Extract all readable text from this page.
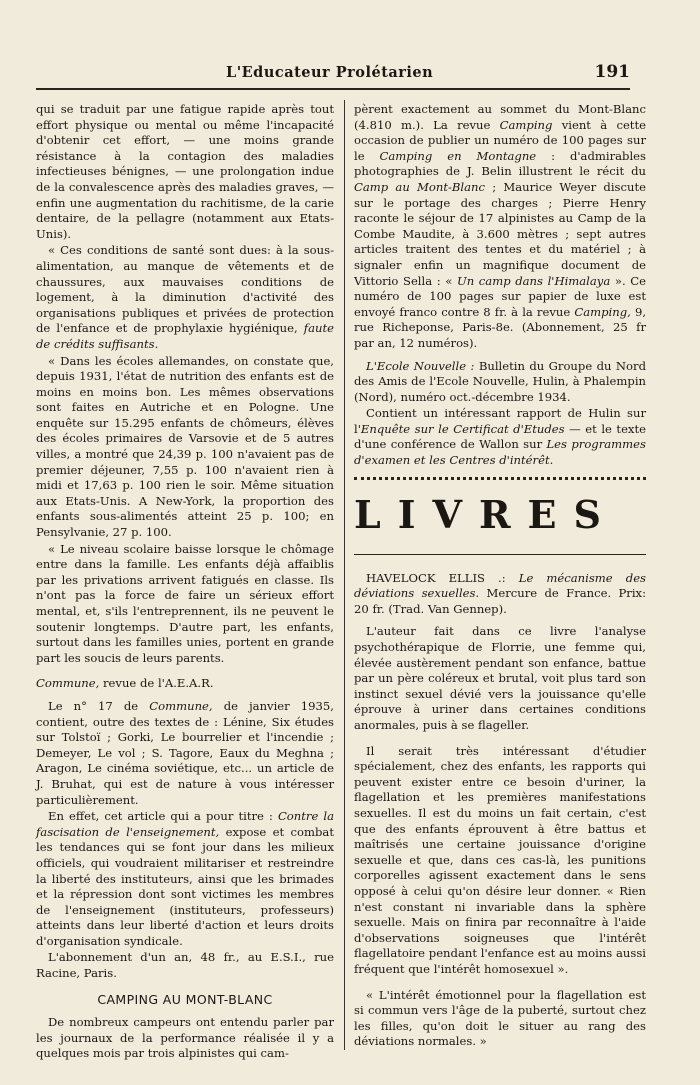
L'Educateur Prolétarien	191

qui se traduit par une fatigue rapide après tout effort physique ou mental ou même l'incapacité d'obtenir cet effort, — une moins grande résistance à la contagion des maladies infectieuses bénignes, — une prolongation indue de la convalescence après des maladies graves, — enfin une augmentation du rachitisme, de la carie dentaire, de la pellagre (notamment aux Etats-Unis).

« Ces conditions de santé sont dues: à la sous-alimentation, au manque de vêtements et de chaussures, aux mauvaises conditions de logement, à la diminution d'activité des organisations publiques et privées de protection de l'enfance et de prophylaxie hygiénique, faute de crédits suffisants.

« Dans les écoles allemandes, on constate que, depuis 1931, l'état de nutrition des enfants est de moins en moins bon. Les mêmes observations sont faites en Autriche et en Pologne. Une enquête sur 15.295 enfants de chômeurs, élèves des écoles primaires de Varsovie et de 5 autres villes, a montré que 24,39 p. 100 n'avaient pas de premier déjeuner, 7,55 p. 100 n'avaient rien à midi et 17,63 p. 100 rien le soir. Même situation aux Etats-Unis. A New-York, la proportion des enfants sous-alimentés atteint 25 p. 100; en Pensylvanie, 27 p. 100.

« Le niveau scolaire baisse lorsque le chômage entre dans la famille. Les enfants déjà affaiblis par les privations arrivent fatigués en classe. Ils n'ont pas la force de faire un sérieux effort mental, et, s'ils l'entreprennent, ils ne peuvent le soutenir longtemps. D'autre part, les enfants, surtout dans les familles unies, portent en grande part les soucis de leurs parents.

Commune, revue de l'A.E.A.R.

Le n° 17 de Commune, de janvier 1935, contient, outre des textes de : Lénine, Six études sur Tolstoï ; Gorki, Le bourrelier et l'incendie ; Demeyer, Le vol ; S. Tagore, Eaux du Meghna ; Aragon, Le cinéma soviétique, etc... un article de J. Bruhat, qui est de nature à vous intéresser particulièrement.

En effet, cet article qui a pour titre : Contre la fascisation de l'enseignement, expose et combat les tendances qui se font jour dans les milieux officiels, qui voudraient militariser et restreindre la liberté des instituteurs, ainsi que les brimades et la répression dont sont victimes les membres de l'enseignement (instituteurs, professeurs) atteints dans leur liberté d'action et leurs droits d'organisation syndicale.

L'abonnement d'un an, 48 fr., au E.S.I., rue Racine, Paris.

CAMPING AU MONT-BLANC

De nombreux campeurs ont entendu parler par les journaux de la performance réalisée il y a quelques mois par trois alpinistes qui cam-

pèrent exactement au sommet du Mont-Blanc (4.810 m.). La revue Camping vient à cette occasion de publier un numéro de 100 pages sur le Camping en Montagne : d'admirables photographies de J. Belin illustrent le récit du Camp au Mont-Blanc ; Maurice Weyer discute sur le portage des charges ; Pierre Henry raconte le séjour de 17 alpinistes au Camp de la Combe Maudite, à 3.600 mètres ; sept autres articles traitent des tentes et du matériel ; à signaler enfin un magnifique document de Vittorio Sella : « Un camp dans l'Himalaya ». Ce numéro de 100 pages sur papier de luxe est envoyé franco contre 8 fr. à la revue Camping, 9, rue Richeponse, Paris-8e. (Abonnement, 25 fr par an, 12 numéros).

L'Ecole Nouvelle : Bulletin du Groupe du Nord des Amis de l'Ecole Nouvelle, Hulin, à Phalempin (Nord), numéro oct.-décembre 1934.

Contient un intéressant rapport de Hulin sur l'Enquête sur le Certificat d'Etudes — et le texte d'une conférence de Wallon sur Les programmes d'examen et les Centres d'intérêt.

LIVRES

HAVELOCK ELLIS .: Le mécanisme des déviations sexuelles. Mercure de France. Prix: 20 fr. (Trad. Van Gennep).

L'auteur fait dans ce livre l'analyse psychothérapique de Florrie, une femme qui, élevée austèrement pendant son enfance, battue par un père coléreux et brutal, voit plus tard son instinct sexuel dévié vers la jouissance qu'elle éprouve à uriner dans certaines conditions anormales, puis à se flageller.

Il serait très intéressant d'étudier spécialement, chez des enfants, les rapports qui peuvent exister entre ce besoin d'uriner, la flagellation et les premières manifestations sexuelles. Il est du moins un fait certain, c'est que des enfants éprouvent à être battus et maîtrisés une certaine jouissance d'origine sexuelle et que, dans ces cas-là, les punitions corporelles agissent exactement dans le sens opposé à celui qu'on désire leur donner. « Rien n'est constant ni invariable dans la sphère sexuelle. Mais on finira par reconnaître à l'aide d'observations soigneuses que l'intérêt flagellatoire pendant l'enfance est au moins aussi fréquent que l'intérêt homosexuel ».

« L'intérêt émotionnel pour la flagellation est si commun vers l'âge de la puberté, surtout chez les filles, qu'on doit le situer au rang des déviations normales. »
